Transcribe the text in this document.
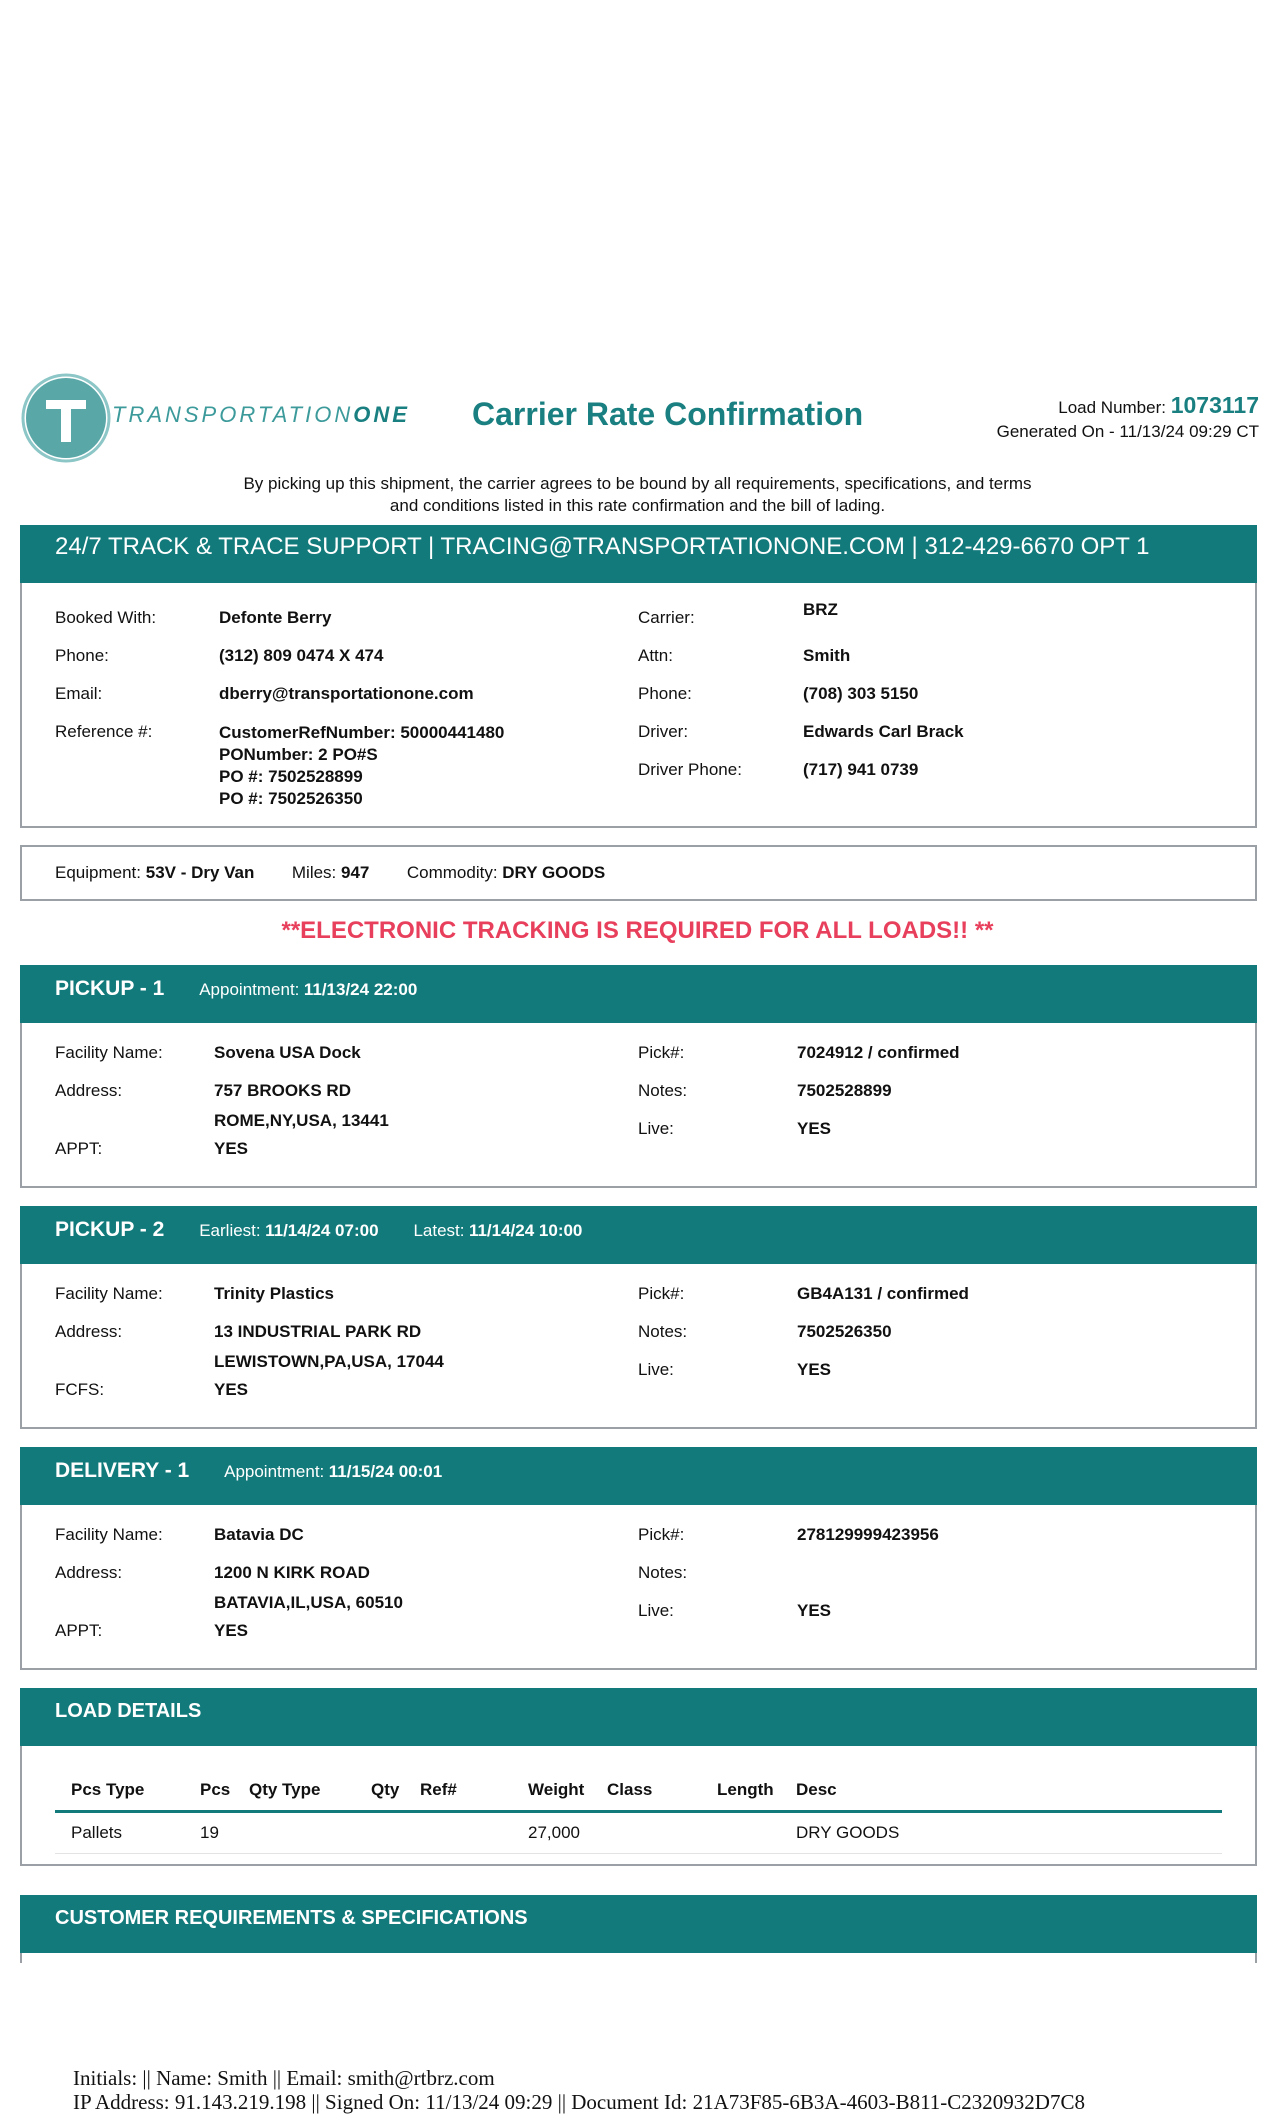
TRANSPORTATIONONE Carrier Rate Confirmation	Load Number: 1073117
Generated On - 11/13/24 09:29 CT
By picking up this shipment, the carrier agrees to be bound by all requirements, specifications, and terms
and conditions listed in this rate confirmation and the bill of lading.
24/7 TRACK & TRACE SUPPORT | TRACING@TRANSPORTATIONONE.COM | 312-429-6670 OPT 1
Booked With:	Defonte Berry
Phone:	(312) 809 0474 X 474
Email:	dberry@transportationone.com
Reference #:	CustomerRefNumber: 50000441480
PONumber: 2 PO#S
PO #: 7502528899
PO #: 7502526350
Carrier:	BRZ
Attn:	Smith
Phone:	(708) 303 5150
Driver:	Edwards Carl Brack
Driver Phone:	(717) 941 0739
Equipment: 53V - Dry Van Miles: 947 Commodity: DRY GOODS
**ELECTRONIC TRACKING IS REQUIRED FOR ALL LOADS!! **
PICKUP - 1 Appointment: 11/13/24 22:00
Facility Name:	Sovena USA Dock
Address:	757 BROOKS RD
ROME,NY,USA, 13441
APPT:	YES
Pick#:	7024912 / confirmed
Notes:	7502528899
Live:	YES
PICKUP - 2 Earliest: 11/14/24 07:00 Latest: 11/14/24 10:00
Facility Name:	Trinity Plastics
Address:	13 INDUSTRIAL PARK RD
LEWISTOWN,PA,USA, 17044
FCFS:	YES
Pick#:	GB4A131 / confirmed
Notes:	7502526350
Live:	YES
DELIVERY - 1 Appointment: 11/15/24 00:01
Facility Name:	Batavia DC
Address:	1200 N KIRK ROAD
BATAVIA,IL,USA, 60510
APPT:	YES
Pick#:	278129999423956
Notes:
Live:	YES
LOAD DETAILS
	Pcs Type	Pcs	Qty Type	Qty	Ref#	Weight	Class	Length	Desc
	Pallets	19				27,000			DRY GOODS
CUSTOMER REQUIREMENTS & SPECIFICATIONS
Initials: || Name: Smith || Email: smith@rtbrz.com
IP Address: 91.143.219.198 || Signed On: 11/13/24 09:29 || Document Id: 21A73F85-6B3A-4603-B811-C2320932D7C8
